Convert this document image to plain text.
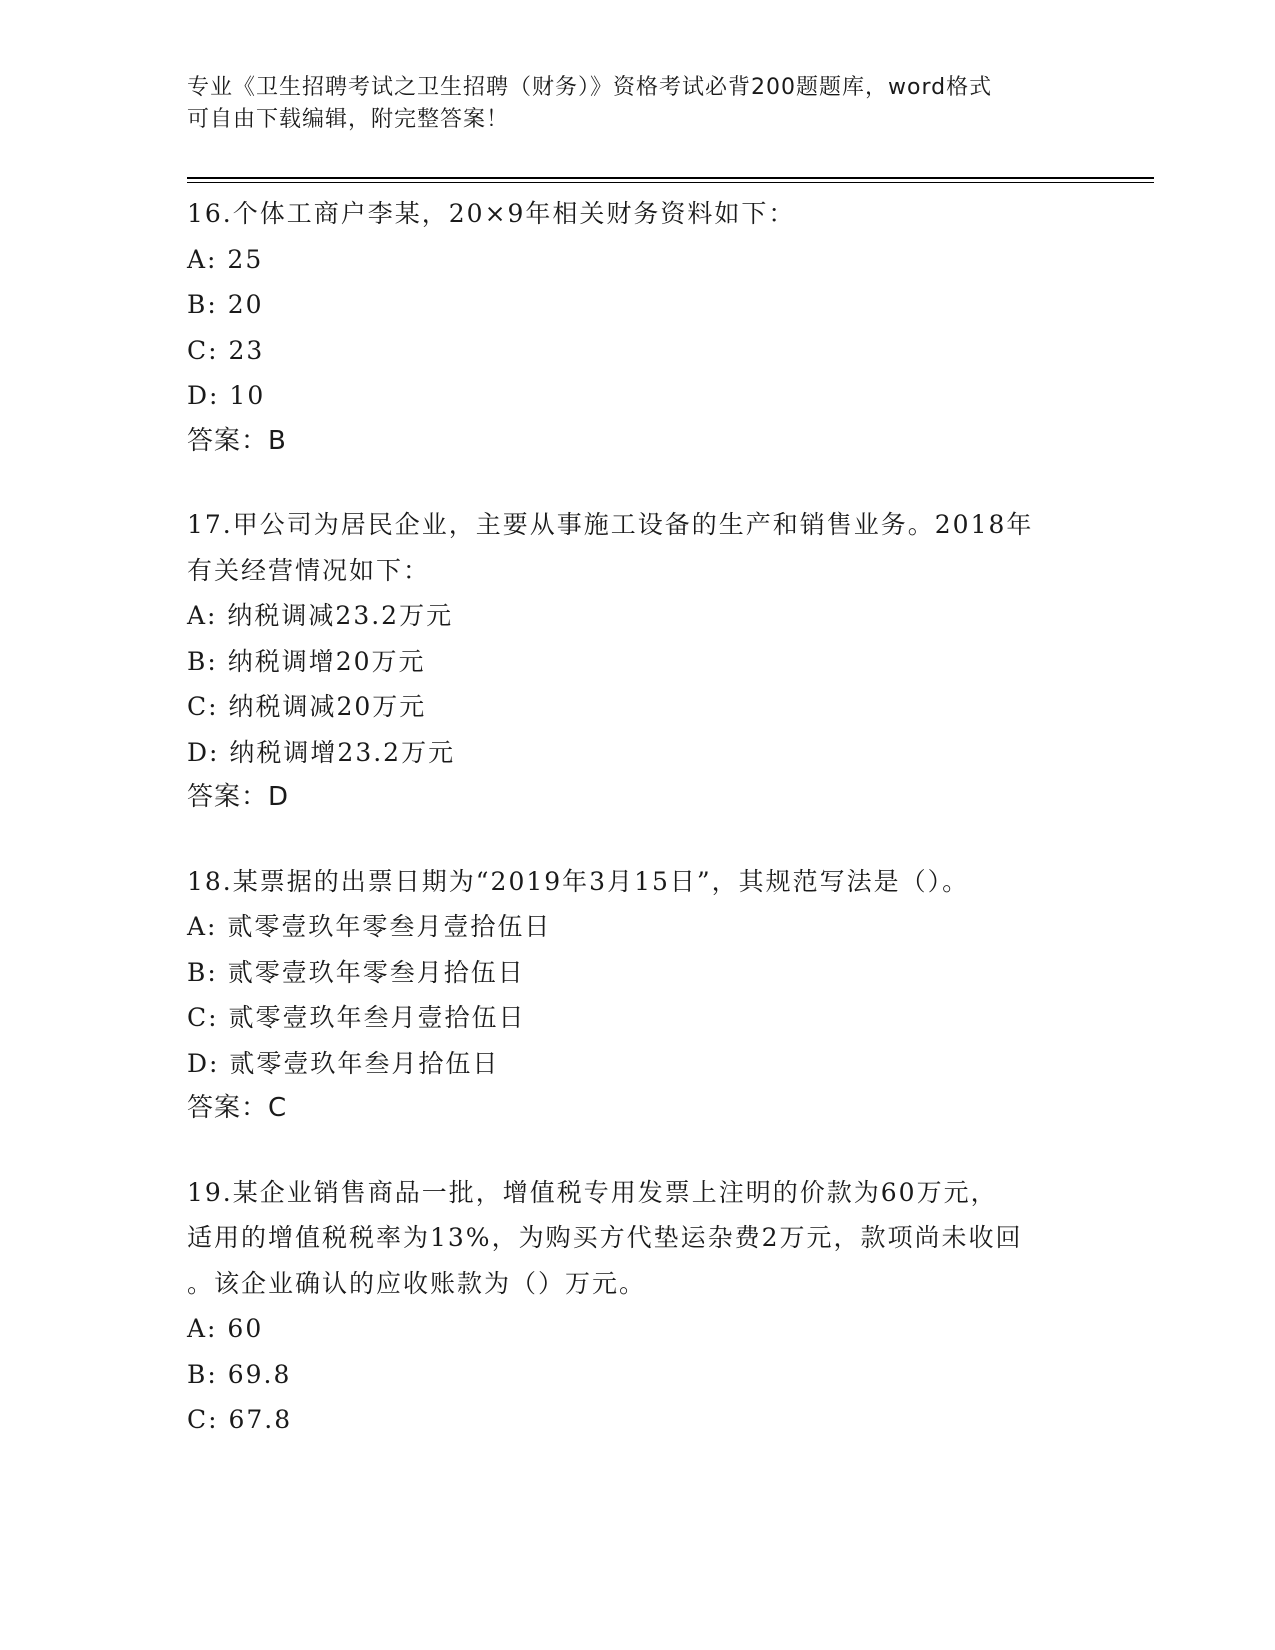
专业《卫生招聘考试之卫生招聘（财务）》资格考试必背200题题库，word格式
可自由下载编辑，附完整答案！
16.个体工商户李某，20×9年相关财务资料如下：
A: 25
B: 20
C: 23
D: 10
答案：B
17.甲公司为居民企业，主要从事施工设备的生产和销售业务。2018年
有关经营情况如下：
A: 纳税调减23.2万元
B: 纳税调增20万元
C: 纳税调减20万元
D: 纳税调增23.2万元
答案：D
18.某票据的出票日期为“2019年3月15日”，其规范写法是（）。
A: 贰零壹玖年零叁月壹拾伍日
B: 贰零壹玖年零叁月拾伍日
C: 贰零壹玖年叁月壹拾伍日
D: 贰零壹玖年叁月拾伍日
答案：C
19.某企业销售商品一批，增值税专用发票上注明的价款为60万元，
适用的增值税税率为13%，为购买方代垫运杂费2万元，款项尚未收回
。该企业确认的应收账款为（）万元。
A: 60
B: 69.8
C: 67.8
